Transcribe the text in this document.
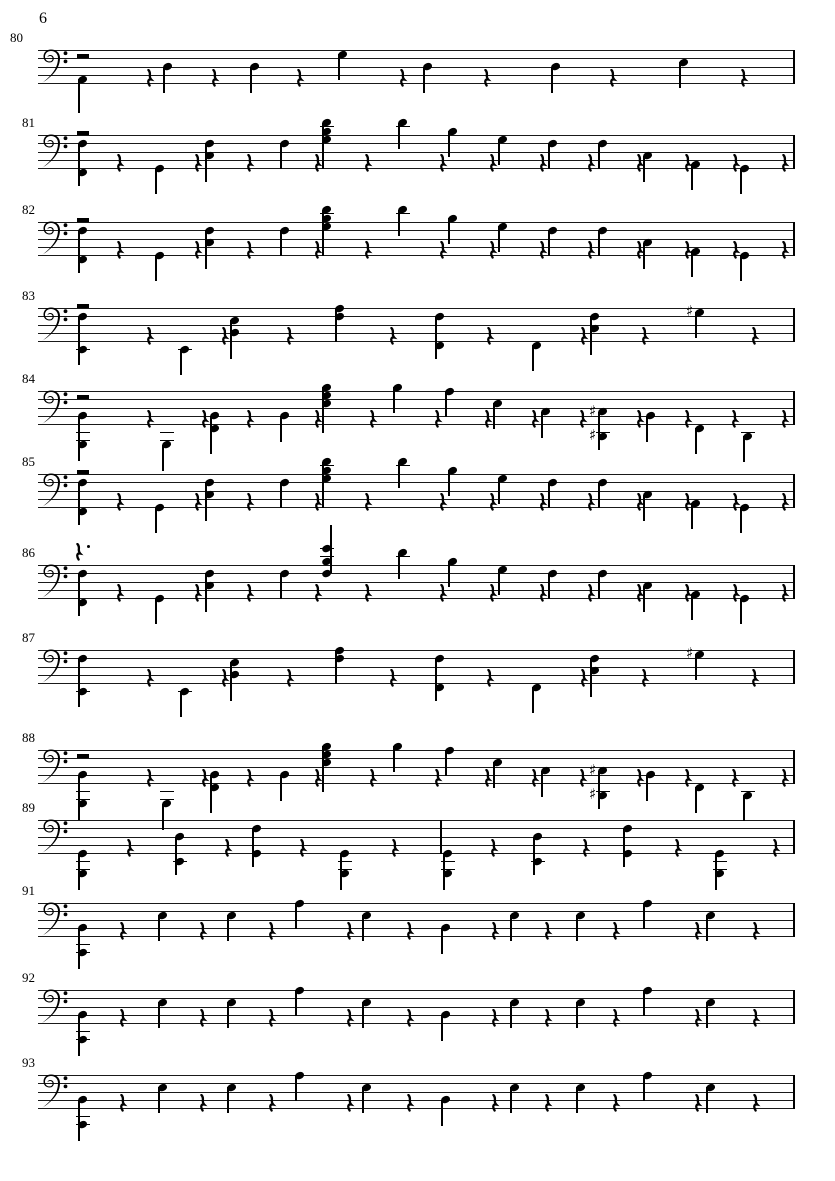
6
80
81
82
83
♯
84
♯
♯
85
86
87
♯
88
♯
♯
89
91
92
93
